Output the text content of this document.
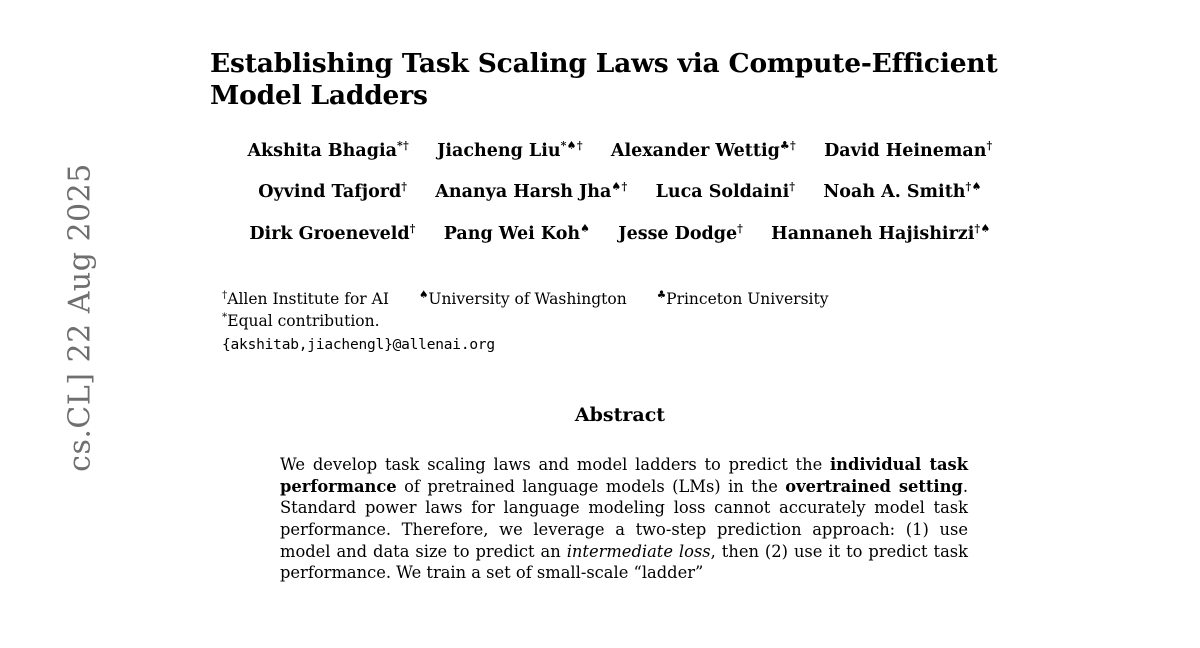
cs.CL] 22 Aug 2025
Establishing Task Scaling Laws via Compute-Efficient Model Ladders
Akshita Bhagia*†	Jiacheng Liu*♠†	Alexander Wettig♣†	David Heineman†
Oyvind Tafjord†	Ananya Harsh Jha♠†	Luca Soldaini†	Noah A. Smith†♠
Dirk Groeneveld†	Pang Wei Koh♠	Jesse Dodge†	Hannaneh Hajishirzi†♠
†Allen Institute for AI	♠University of Washington	♣Princeton University
*Equal contribution.
{akshitab,jiachengl}@allenai.org
Abstract
We develop task scaling laws and model ladders to predict the individual task performance of pretrained language models (LMs) in the overtrained setting. Standard power laws for language modeling loss cannot accurately model task performance. Therefore, we leverage a two-step prediction approach: (1) use model and data size to predict an intermediate loss, then (2) use it to predict task performance. We train a set of small-scale “ladder”
